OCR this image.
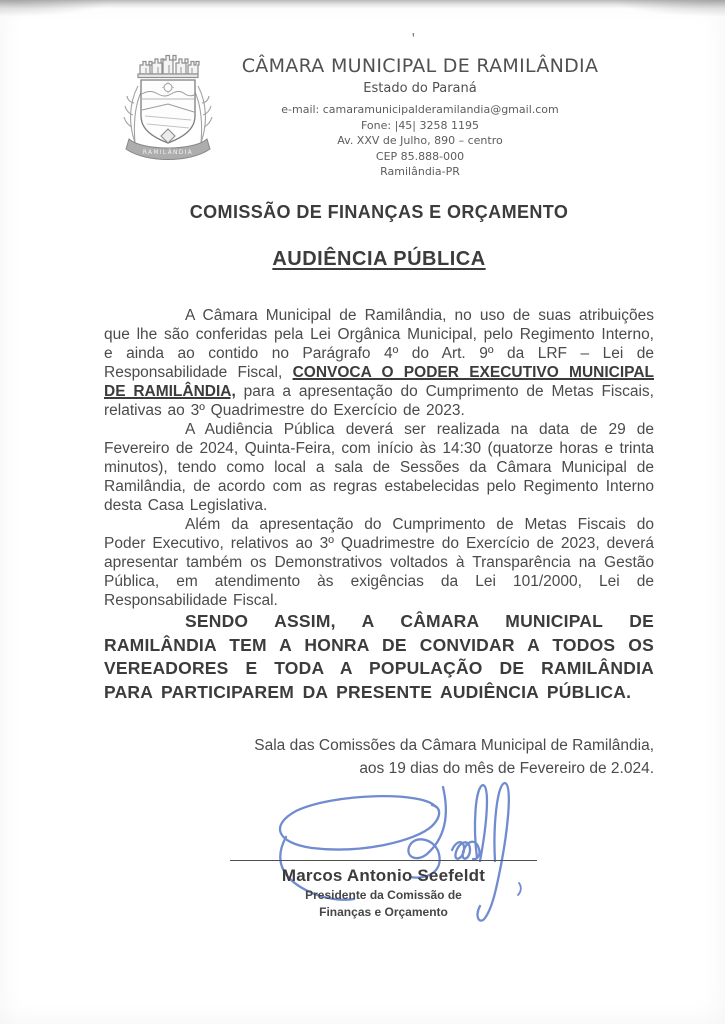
‛
RAMILÂNDIA
CÂMARA MUNICIPAL DE RAMILÂNDIA

Estado do Paraná

e-mail: camaramunicipalderamilandia@gmail.com
Fone: |45| 3258 1195
Av. XXV de Julho, 890 – centro
CEP 85.888-000
Ramilândia-PR
COMISSÃO DE FINANÇAS E ORÇAMENTO
AUDIÊNCIA PÚBLICA

A Câmara Municipal de Ramilândia, no uso de suas atribuições que lhe são conferidas pela Lei Orgânica Municipal, pelo Regimento Interno, e ainda ao contido no Parágrafo 4º do Art. 9º da LRF – Lei de Responsabilidade Fiscal, CONVOCA O PODER EXECUTIVO MUNICIPAL DE RAMILÂNDIA, para a apresentação do Cumprimento de Metas Fiscais, relativas ao 3º Quadrimestre do Exercício de 2023.

A Audiência Pública deverá ser realizada na data de 29 de Fevereiro de 2024, Quinta-Feira, com início às 14:30 (quatorze horas e trinta minutos), tendo como local a sala de Sessões da Câmara Municipal de Ramilândia, de acordo com as regras estabelecidas pelo Regimento Interno desta Casa Legislativa.

Além da apresentação do Cumprimento de Metas Fiscais do Poder Executivo, relativos ao 3º Quadrimestre do Exercício de 2023, deverá apresentar também os Demonstrativos voltados à Transparência na Gestão Pública, em atendimento às exigências da Lei 101/2000, Lei de Responsabilidade Fiscal.

SENDO ASSIM, A CÂMARA MUNICIPAL DE RAMILÂNDIA TEM A HONRA DE CONVIDAR A TODOS OS VEREADORES E TODA A POPULAÇÃO DE RAMILÂNDIA PARA PARTICIPAREM DA PRESENTE AUDIÊNCIA PÚBLICA.

Sala das Comissões da Câmara Municipal de Ramilândia,

aos 19 dias do mês de Fevereiro de 2.024.

Marcos Antonio Seefeldt

Presidente da Comissão de

Finanças e Orçamento
